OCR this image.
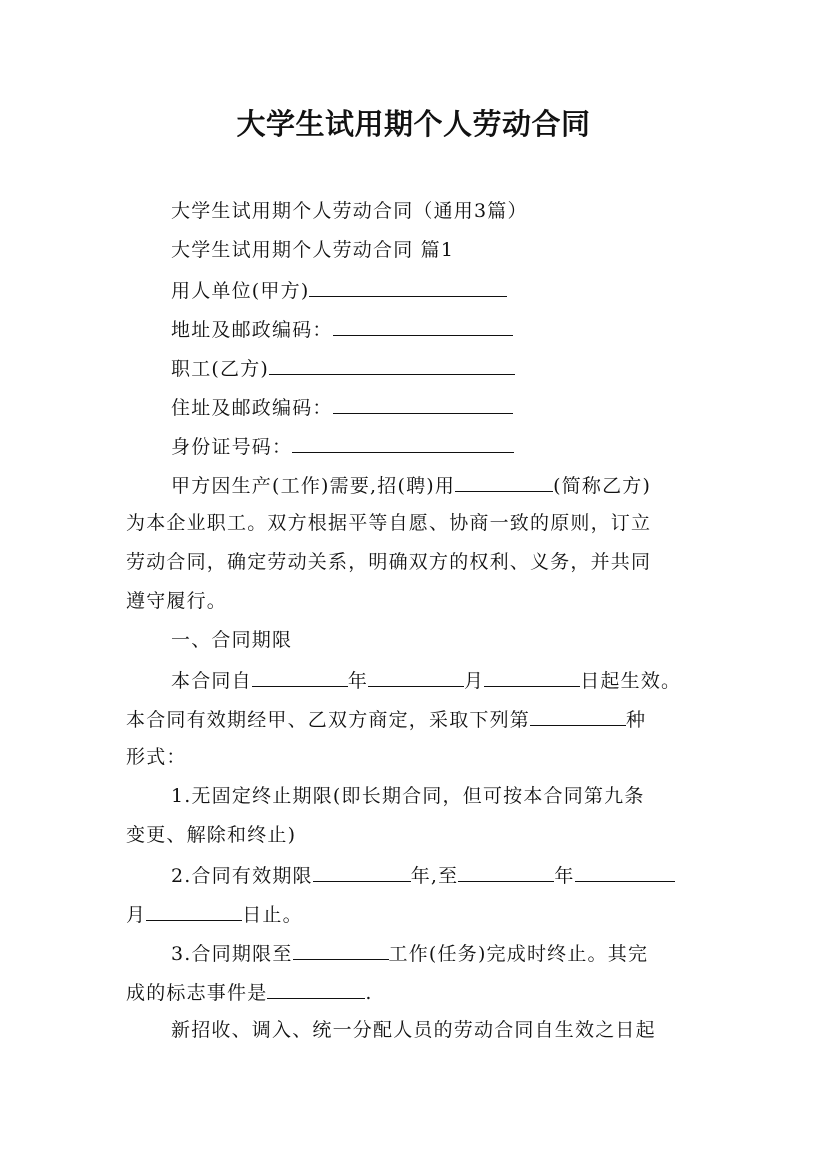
大学生试用期个人劳动合同
大学生试用期个人劳动合同（通用3篇）
大学生试用期个人劳动合同 篇1
用人单位(甲方)
地址及邮政编码：
职工(乙方)
住址及邮政编码：
身份证号码：
甲方因生产(工作)需要,招(聘)用	(简称乙方)
为本企业职工。双方根据平等自愿、协商一致的原则，订立
劳动合同，确定劳动关系，明确双方的权利、义务，并共同
遵守履行。
一、合同期限
本合同自	年	月	日起生效。
本合同有效期经甲、乙双方商定，采取下列第	种
形式：
1.无固定终止期限(即长期合同，但可按本合同第九条
变更、解除和终止)
2.合同有效期限	年,至	年
月	日止。
3.合同期限至	工作(任务)完成时终止。其完
成的标志事件是	.
新招收、调入、统一分配人员的劳动合同自生效之日起
